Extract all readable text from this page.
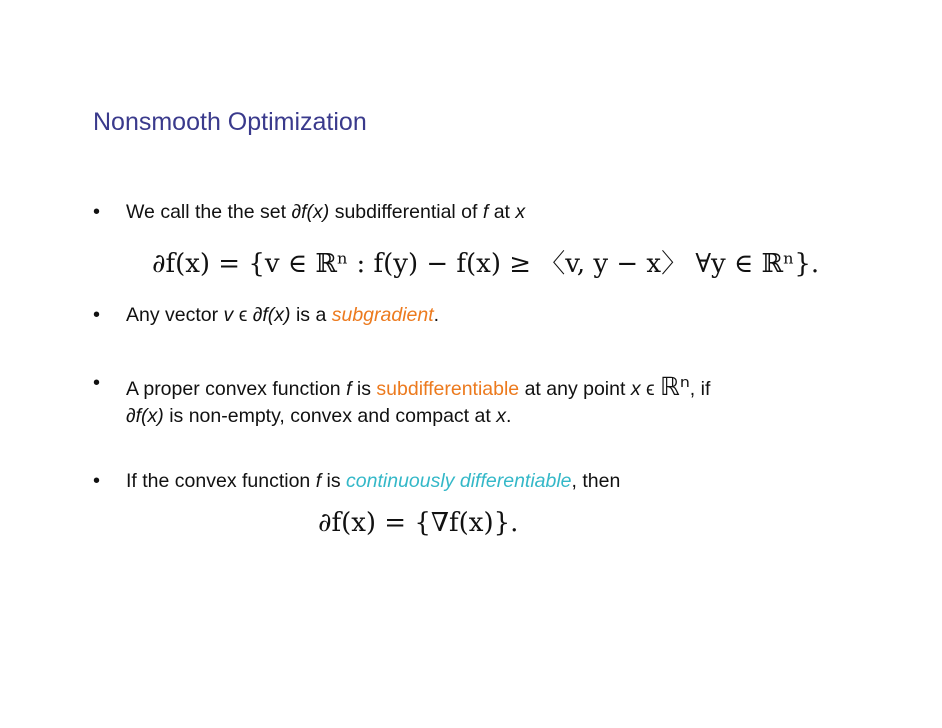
Nonsmooth Optimization
• We call the the set ∂f(x) subdifferential of f at x
∂f(x) = {v ∈ ℝⁿ : f(y) − f(x) ≥ 〈v, y − x〉 ∀y ∈ ℝⁿ}.
• Any vector v ϵ ∂f(x) is a subgradient.
• A proper convex function f is subdifferentiable at any point x ϵ ℝⁿ, if
∂f(x) is non-empty, convex and compact at x.
• If the convex function f is continuously differentiable, then
∂f(x) = {∇f(x)}.
